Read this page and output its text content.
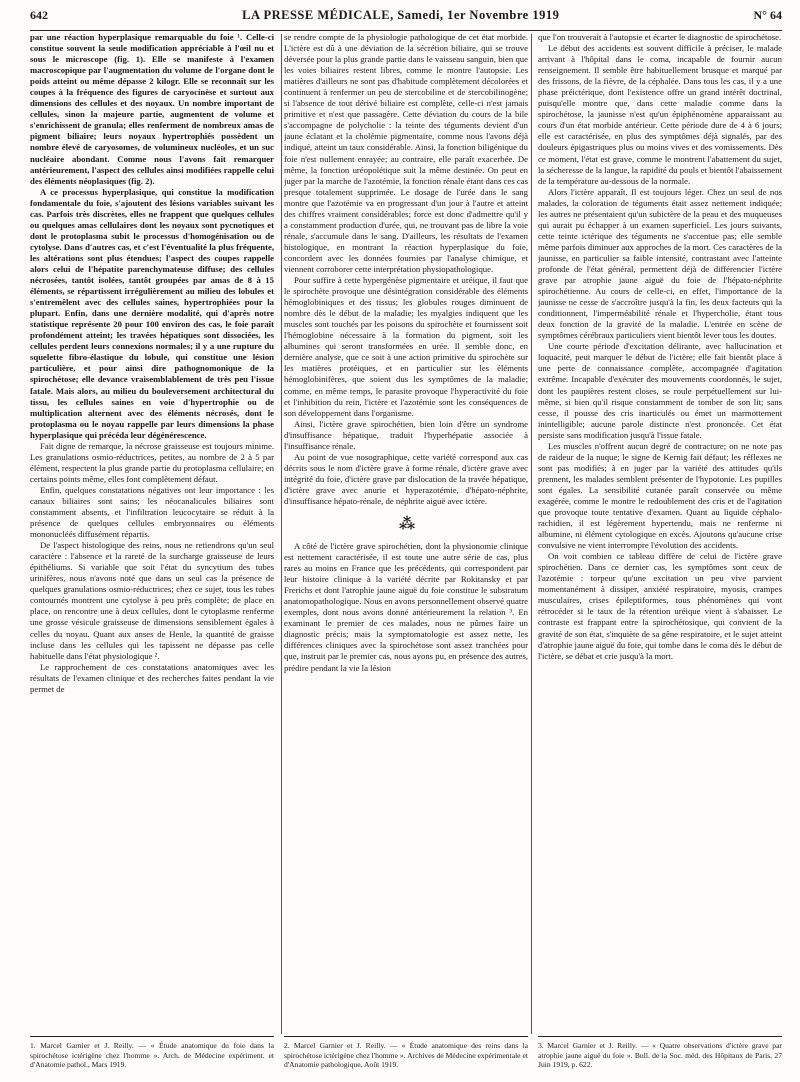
642	LA PRESSE MÉDICALE, Samedi, 1er Novembre 1919	N° 64

par une réaction hyperplasique remarquable du foie ¹. Celle-ci constitue souvent la seule modification appréciable à l'œil nu et sous le microscope (fig. 1). Elle se manifeste à l'examen macroscopique par l'augmentation du volume de l'organe dont le poids atteint ou même dépasse 2 kilogr. Elle se reconnaît sur les coupes à la fréquence des figures de caryocinèse et surtout aux dimensions des cellules et des noyaux. Un nombre important de cellules, sinon la majeure partie, augmentent de volume et s'enrichissent de granula; elles renferment de nombreux amas de pigment biliaire; leurs noyaux hypertrophiés possèdent un nombre élevé de caryosomes, de volumineux nucléoles, et un suc nucléaire abondant. Comme nous l'avons fait remarquer antérieurement, l'aspect des cellules ainsi modifiées rappelle celui des éléments néoplasiques (fig. 2).

A ce processus hyperplasique, qui constitue la modification fondamentale du foie, s'ajoutent des lésions variables suivant les cas. Parfois très discrètes, elles ne frappent que quelques cellules ou quelques amas cellulaires dont les noyaux sont pycnotiques et dont le protoplasma subit le processus d'homogénisation ou de cytolyse. Dans d'autres cas, et c'est l'éventualité la plus fréquente, les altérations sont plus étendues; l'aspect des coupes rappelle alors celui de l'hépatite parenchymateuse diffuse; des cellules nécrosées, tantôt isolées, tantôt groupées par amas de 8 à 15 éléments, se répartissent irrégulièrement au milieu des lobules et s'entremêlent avec des cellules saines, hypertrophiées pour la plupart. Enfin, dans une dernière modalité, qui d'après notre statistique représente 20 pour 100 environ des cas, le foie paraît profondément atteint; les travées hépatiques sont dissociées, les cellules perdent leurs connexions normales; il y a une rupture du squelette fibro-élastique du lobule, qui constitue une lésion particulière, et pour ainsi dire pathognomonique de la spirochétose; elle devance vraisemblablement de très peu l'issue fatale. Mais alors, au milieu du bouleversement architectural du tissu, les cellules saines en voie d'hypertrophie ou de multiplication alternent avec des éléments nécrosés, dont le protoplasma ou le noyau rappelle par leurs dimensions la phase hyperplasique qui précéda leur dégénérescence.

Fait digne de remarque, la nécrose graisseuse est toujours minime. Les granulations osmio-réductrices, petites, au nombre de 2 à 5 par élément, respectent la plus grande partie du protoplasma cellulaire; en certains points même, elles font complètement défaut.

Enfin, quelques constatations négatives ont leur importance : les canaux biliaires sont sains; les néocanalicules biliaires sont constamment absents, et l'infiltration leucocytaire se réduit à la présence de quelques cellules embryonnaires ou éléments mononucléés diffusément répartis.

De l'aspect histologique des reins, nous ne retiendrons qu'un seul caractère : l'absence et la rareté de la surcharge graisseuse de leurs épithéliums. Si variable que soit l'état du syncytium des tubes urinifères, nous n'avons noté que dans un seul cas la présence de quelques granulations osmio-réductrices; chez ce sujet, tous les tubes contournés montrent une cytolyse à peu près complète; de place en place, on rencontre une à deux cellules, dont le cytoplasme renferme une grosse vésicule graisseuse de dimensions sensiblement égales à celles du noyau. Quant aux anses de Henle, la quantité de graisse incluse dans les cellules qui les tapissent ne dépasse pas celle habituelle dans l'état physiologique ².

Le rapprochement de ces constatations anatomiques avec les résultats de l'examen clinique et des recherches faites pendant la vie permet de

se rendre compte de la physiologie pathologique de cet état morbide. L'ictère est dû à une déviation de la sécrétion biliaire, qui se trouve déversée pour la plus grande partie dans le vaisseau sanguin, bien que les voies biliaires restent libres, comme le montre l'autopsie. Les matières d'ailleurs ne sont pas d'habitude complètement décolorées et continuent à renfermer un peu de stercobiline et de stercobilinogène; si l'absence de tout dérivé biliaire est complète, celle-ci n'est jamais primitive et n'est que passagère. Cette déviation du cours de la bile s'accompagne de polycholie : la teinte des téguments devient d'un jaune éclatant et la cholémie pigmentaire, comme nous l'avons déjà indiqué, atteint un taux considérable. Ainsi, la fonction biligénique du foie n'est nullement enrayée; au contraire, elle paraît exacerbée. De même, la fonction uréopoïétique suit la même destinée. On peut en juger par la marche de l'azotémie, la fonction rénale étant dans ces cas presque totalement supprimée. Le dosage de l'urée dans le sang montre que l'azotémie va en progressant d'un jour à l'autre et atteint des chiffres vraiment considérables; force est donc d'admettre qu'il y a constamment production d'urée, qui, ne trouvant pas de libre la voie rénale, s'accumule dans le sang. D'ailleurs, les résultats de l'examen histologique, en montrant la réaction hyperplasique du foie, concordent avec les données fournies par l'analyse chimique, et viennent corroborer cette interprétation physiopathologique.

Pour suffire à cette hypergénèse pigmentaire et uréique, il faut que le spirochète provoque une désintégration considérable des éléments hémoglobiniques et des tissus; les globules rouges diminuent de nombre dès le début de la maladie; les myalgies indiquent que les muscles sont touchés par les poisons du spirochète et fournissent soit l'hémoglobine nécessaire à la formation du pigment, soit les albumines qui seront transformées en urée. Il semble donc, en dernière analyse, que ce soit à une action primitive du spirochète sur les matières protéiques, et en particulier sur les éléments hémoglobinifères, que soient dus les symptômes de la maladie; comme, en même temps, le parasite provoque l'hyperactivité du foie et l'inhibition du rein, l'ictère et l'azotémie sont les conséquences de son développement dans l'organisme.

Ainsi, l'ictère grave spirochétien, bien loin d'être un syndrome d'insuffisance hépatique, traduit l'hyperhépatie associée à l'insuffisance rénale.

Au point de vue nosographique, cette variété correspond aux cas décrits sous le nom d'ictère grave à forme rénale, d'ictère grave avec intégrité du foie, d'ictère grave par dislocation de la travée hépatique, d'ictère grave avec anurie et hyperazotémie, d'hépato-néphrite, d'insuffisance hépato-rénale, de néphrite aiguë avec ictère.

⁂

A côté de l'ictère grave spirochétien, dont la physionomie clinique est nettement caractérisée, il est toute une autre série de cas, plus rares au moins en France que les précédents, qui correspondent par leur histoire clinique à la variété décrite par Rokitansky et par Frerichs et dont l'atrophie jaune aiguë du foie constitue le substratum anatomopathologique. Nous en avons personnellement observé quatre exemples, dont nous avons donné antérieurement la relation ³. En examinant le premier de ces malades, nous ne pûmes faire un diagnostic précis; mais la symptomatologie est assez nette, les différences cliniques avec la spirochétose sont assez tranchées pour que, instruit par le premier cas, nous ayons pu, en présence des autres, prédire pendant la vie la lésion

que l'on trouverait à l'autopsie et écarter le diagnostic de spirochétose.

Le début des accidents est souvent difficile à préciser, le malade arrivant à l'hôpital dans le coma, incapable de fournir aucun renseignement. Il semble être habituellement brusque et marqué par des frissons, de la fièvre, de la céphalée. Dans tous les cas, il y a une phase préictérique, dont l'existence offre un grand intérêt doctrinal, puisqu'elle montre que, dans cette maladie comme dans la spirochétose, la jaunisse n'est qu'un épiphénomène apparaissant au cours d'un état morbide antérieur. Cette période dure de 4 à 6 jours; elle est caractérisée, en plus des symptômes déjà signalés, par des douleurs épigastriques plus ou moins vives et des vomissements. Dès ce moment, l'état est grave, comme le montrent l'abattement du sujet, la sécheresse de la langue, la rapidité du pouls et bientôt l'abaissement de la température au-dessous de la normale.

Alors l'ictère apparaît. Il est toujours léger. Chez un seul de nos malades, la coloration de téguments était assez nettement indiquée; les autres ne présentaient qu'un subictère de la peau et des muqueuses qui aurait pu échapper à un examen superficiel. Les jours suivants, cette teinte ictérique des téguments ne s'accentue pas; elle semble même parfois diminuer aux approches de la mort. Ces caractères de la jaunisse, en particulier sa faible intensité, contrastant avec l'atteinte profonde de l'état général, permettent déjà de différencier l'ictère grave par atrophie jaune aiguë du foie de l'hépato-néphrite spirochétienne. Au cours de celle-ci, en effet, l'importance de la jaunisse ne cesse de s'accroître jusqu'à la fin, les deux facteurs qui la conditionnent, l'imperméabilité rénale et l'hypercholie, étant tous deux fonction de la gravité de la maladie. L'entrée en scène de symptômes cérébraux particuliers vient bientôt lever tous les doutes.

Une courte période d'excitation délirante, avec hallucination et loquacité, peut marquer le début de l'ictère; elle fait bientôt place à une perte de connaissance complète, accompagnée d'agitation extrême. Incapable d'exécuter des mouvements coordonnés, le sujet, dont les paupières restent closes, se roule perpétuellement sur lui-même, si bien qu'il risque constamment de tomber de son lit; sans cesse, il pousse des cris inarticulés ou émet un marmottement inintelligible; aucune parole distincte n'est prononcée. Cet état persiste sans modification jusqu'à l'issue fatale.

Les muscles n'offrent aucun degré de contracture; on ne note pas de raideur de la nuque; le signe de Kernig fait défaut; les réflexes ne sont pas modifiés; à en juger par la variété des attitudes qu'ils prennent, les malades semblent présenter de l'hypotonie. Les pupilles sont égales. La sensibilité cutanée paraît conservée ou même exagérée, comme le montre le redoublement des cris et de l'agitation que provoque toute tentative d'examen. Quant au liquide céphalo-rachidien, il est légèrement hypertendu, mais ne renferme ni albumine, ni élément cytologique en excès. Ajoutons qu'aucune crise convulsive ne vient interrompre l'évolution des accidents.

On voit combien ce tableau diffère de celui de l'ictère grave spirochétien. Dans ce dernier cas, les symptômes sont ceux de l'azotémie : torpeur qu'une excitation un peu vive parvient momentanément à dissiper, anxiété respiratoire, myosis, crampes musculaires, crises épileptiformes, tous phénomènes qui vont rétrocéder si le taux de la rétention uréique vient à s'abaisser. Le contraste est frappant entre la spirochétosique, qui convient de la gravité de son état, s'inquiète de sa gêne respiratoire, et le sujet atteint d'atrophie jaune aiguë du foie, qui tombe dans le coma dès le début de l'ictère, se débat et crie jusqu'à la mort.

1. Marcel Garnier et J. Reilly. — « Étude anatomique du foie dans la spirochétose ictérigène chez l'homme ». Arch. de Médecine expériment. et d'Anatomie pathol., Mars 1919.
2. Marcel Garnier et J. Reilly. — « Étude anatomique des reins dans la spirochétose ictérigène chez l'homme ». Archives de Médecine expérimentale et d'Anatomie pathologique, Août 1919.
3. Marcel Garnier et J. Reilly. — « Quatre observations d'ictère grave par atrophie jaune aiguë du foie ». Bull. de la Soc. méd. des Hôpitaux de Paris, 27 Juin 1919, p. 622.
